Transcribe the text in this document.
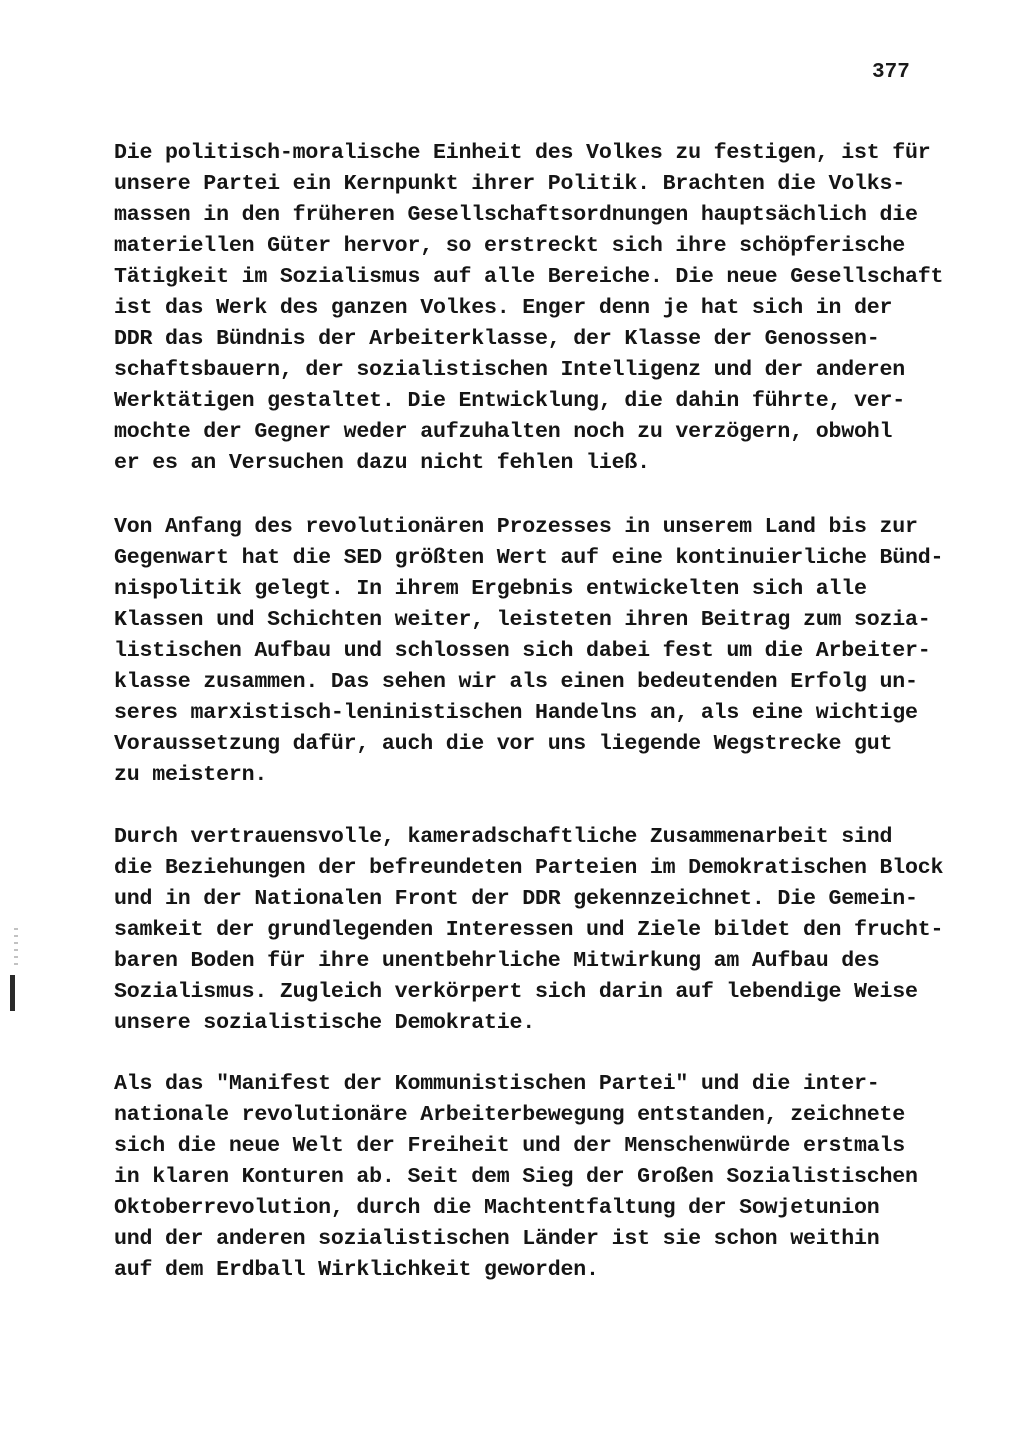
377
Die politisch-moralische Einheit des Volkes zu festigen, ist für
unsere Partei ein Kernpunkt ihrer Politik. Brachten die Volks-
massen in den früheren Gesellschaftsordnungen hauptsächlich die
materiellen Güter hervor, so erstreckt sich ihre schöpferische
Tätigkeit im Sozialismus auf alle Bereiche. Die neue Gesellschaft
ist das Werk des ganzen Volkes. Enger denn je hat sich in der
DDR das Bündnis der Arbeiterklasse, der Klasse der Genossen-
schaftsbauern, der sozialistischen Intelligenz und der anderen
Werktätigen gestaltet. Die Entwicklung, die dahin führte, ver-
mochte der Gegner weder aufzuhalten noch zu verzögern, obwohl
er es an Versuchen dazu nicht fehlen ließ.
Von Anfang des revolutionären Prozesses in unserem Land bis zur
Gegenwart hat die SED größten Wert auf eine kontinuierliche Bünd-
nispolitik gelegt. In ihrem Ergebnis entwickelten sich alle
Klassen und Schichten weiter, leisteten ihren Beitrag zum sozia-
listischen Aufbau und schlossen sich dabei fest um die Arbeiter-
klasse zusammen. Das sehen wir als einen bedeutenden Erfolg un-
seres marxistisch-leninistischen Handelns an, als eine wichtige
Voraussetzung dafür, auch die vor uns liegende Wegstrecke gut
zu meistern.
Durch vertrauensvolle, kameradschaftliche Zusammenarbeit sind
die Beziehungen der befreundeten Parteien im Demokratischen Block
und in der Nationalen Front der DDR gekennzeichnet. Die Gemein-
samkeit der grundlegenden Interessen und Ziele bildet den frucht-
baren Boden für ihre unentbehrliche Mitwirkung am Aufbau des
Sozialismus. Zugleich verkörpert sich darin auf lebendige Weise
unsere sozialistische Demokratie.
Als das "Manifest der Kommunistischen Partei" und die inter-
nationale revolutionäre Arbeiterbewegung entstanden, zeichnete
sich die neue Welt der Freiheit und der Menschenwürde erstmals
in klaren Konturen ab. Seit dem Sieg der Großen Sozialistischen
Oktoberrevolution, durch die Machtentfaltung der Sowjetunion
und der anderen sozialistischen Länder ist sie schon weithin
auf dem Erdball Wirklichkeit geworden.
